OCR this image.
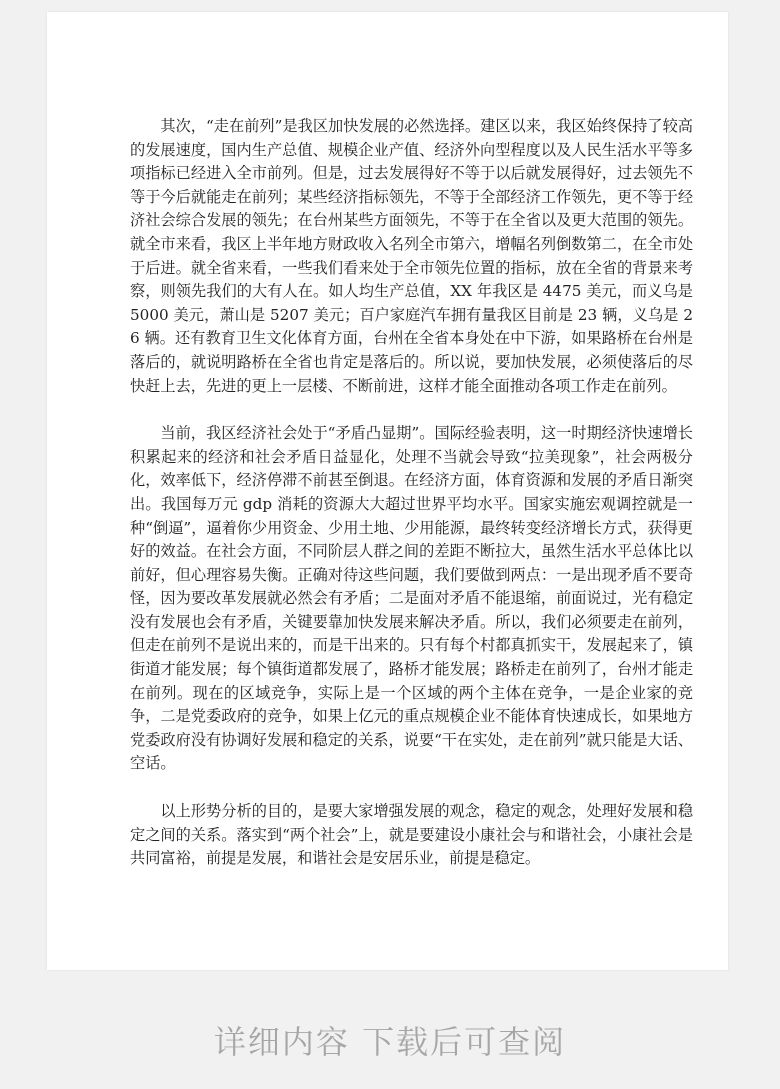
​

其次，“走在前列”是我区加快发展的必然选择。建区以来，我区始终保持了较高的发展速度，国内生产总值、规模企业产值、经济外向型程度以及人民生活水平等多项指标已经进入全市前列。但是，过去发展得好不等于以后就发展得好，过去领先不等于今后就能走在前列；某些经济指标领先，不等于全部经济工作领先，更不等于经济社会综合发展的领先；在台州某些方面领先，不等于在全省以及更大范围的领先。就全市来看，我区上半年地方财政收入名列全市第六，增幅名列倒数第二，在全市处于后进。就全省来看，一些我们看来处于全市领先位置的指标，放在全省的背景来考察，则领先我们的大有人在。如人均生产总值，XX 年我区是 4475 美元，而义乌是 5000 美元，萧山是 5207 美元；百户家庭汽车拥有量我区目前是 23 辆，义乌是 26 辆。还有教育卫生文化体育方面，台州在全省本身处在中下游，如果路桥在台州是落后的，就说明路桥在全省也肯定是落后的。所以说，要加快发展，必须使落后的尽快赶上去，先进的更上一层楼、不断前进，这样才能全面推动各项工作走在前列。

当前，我区经济社会处于“矛盾凸显期”。国际经验表明，这一时期经济快速增长积累起来的经济和社会矛盾日益显化，处理不当就会导致“拉美现象”，社会两极分化，效率低下，经济停滞不前甚至倒退。在经济方面，体育资源和发展的矛盾日渐突出。我国每万元 gdp 消耗的资源大大超过世界平均水平。国家实施宏观调控就是一种“倒逼”，逼着你少用资金、少用土地、少用能源，最终转变经济增长方式，获得更好的效益。在社会方面，不同阶层人群之间的差距不断拉大，虽然生活水平总体比以前好，但心理容易失衡。正确对待这些问题，我们要做到两点：一是出现矛盾不要奇怪，因为要改革发展就必然会有矛盾；二是面对矛盾不能退缩，前面说过，光有稳定没有发展也会有矛盾，关键要靠加快发展来解决矛盾。所以，我们必须要走在前列，但走在前列不是说出来的，而是干出来的。只有每个村都真抓实干，发展起来了，镇街道才能发展；每个镇街道都发展了，路桥才能发展；路桥走在前列了，台州才能走在前列。现在的区域竞争，实际上是一个区域的两个主体在竞争，一是企业家的竞争，二是党委政府的竞争，如果上亿元的重点规模企业不能体育快速成长，如果地方党委政府没有协调好发展和稳定的关系，说要“干在实处，走在前列”就只能是大话、空话。

以上形势分析的目的，是要大家增强发展的观念，稳定的观念，处理好发展和稳定之间的关系。落实到“两个社会”上，就是要建设小康社会与和谐社会，小康社会是共同富裕，前提是发展，和谐社会是安居乐业，前提是稳定。

详细内容 下载后可查阅
